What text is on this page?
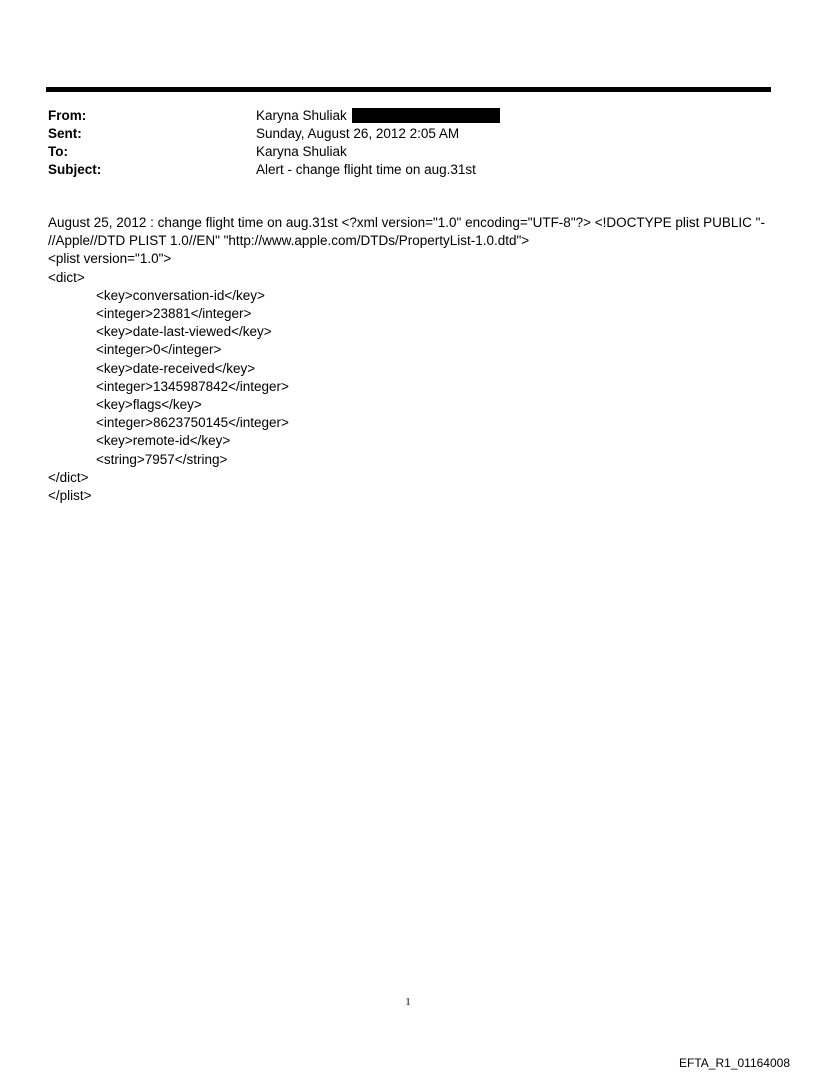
From:	Karyna Shuliak
Sent:	Sunday, August 26, 2012 2:05 AM
To:	Karyna Shuliak
Subject:	Alert - change flight time on aug.31st
August 25, 2012 : change flight time on aug.31st <?xml version="1.0" encoding="UTF-8"?> <!DOCTYPE plist PUBLIC "-
//Apple//DTD PLIST 1.0//EN" "http://www.apple.com/DTDs/PropertyList-1.0.dtd">
<plist version="1.0">
<dict>
<key>conversation-id</key>
<integer>23881</integer>
<key>date-last-viewed</key>
<integer>0</integer>
<key>date-received</key>
<integer>1345987842</integer>
<key>flags</key>
<integer>8623750145</integer>
<key>remote-id</key>
<string>7957</string>
</dict>
</plist>
1
EFTA_R1_01164008
